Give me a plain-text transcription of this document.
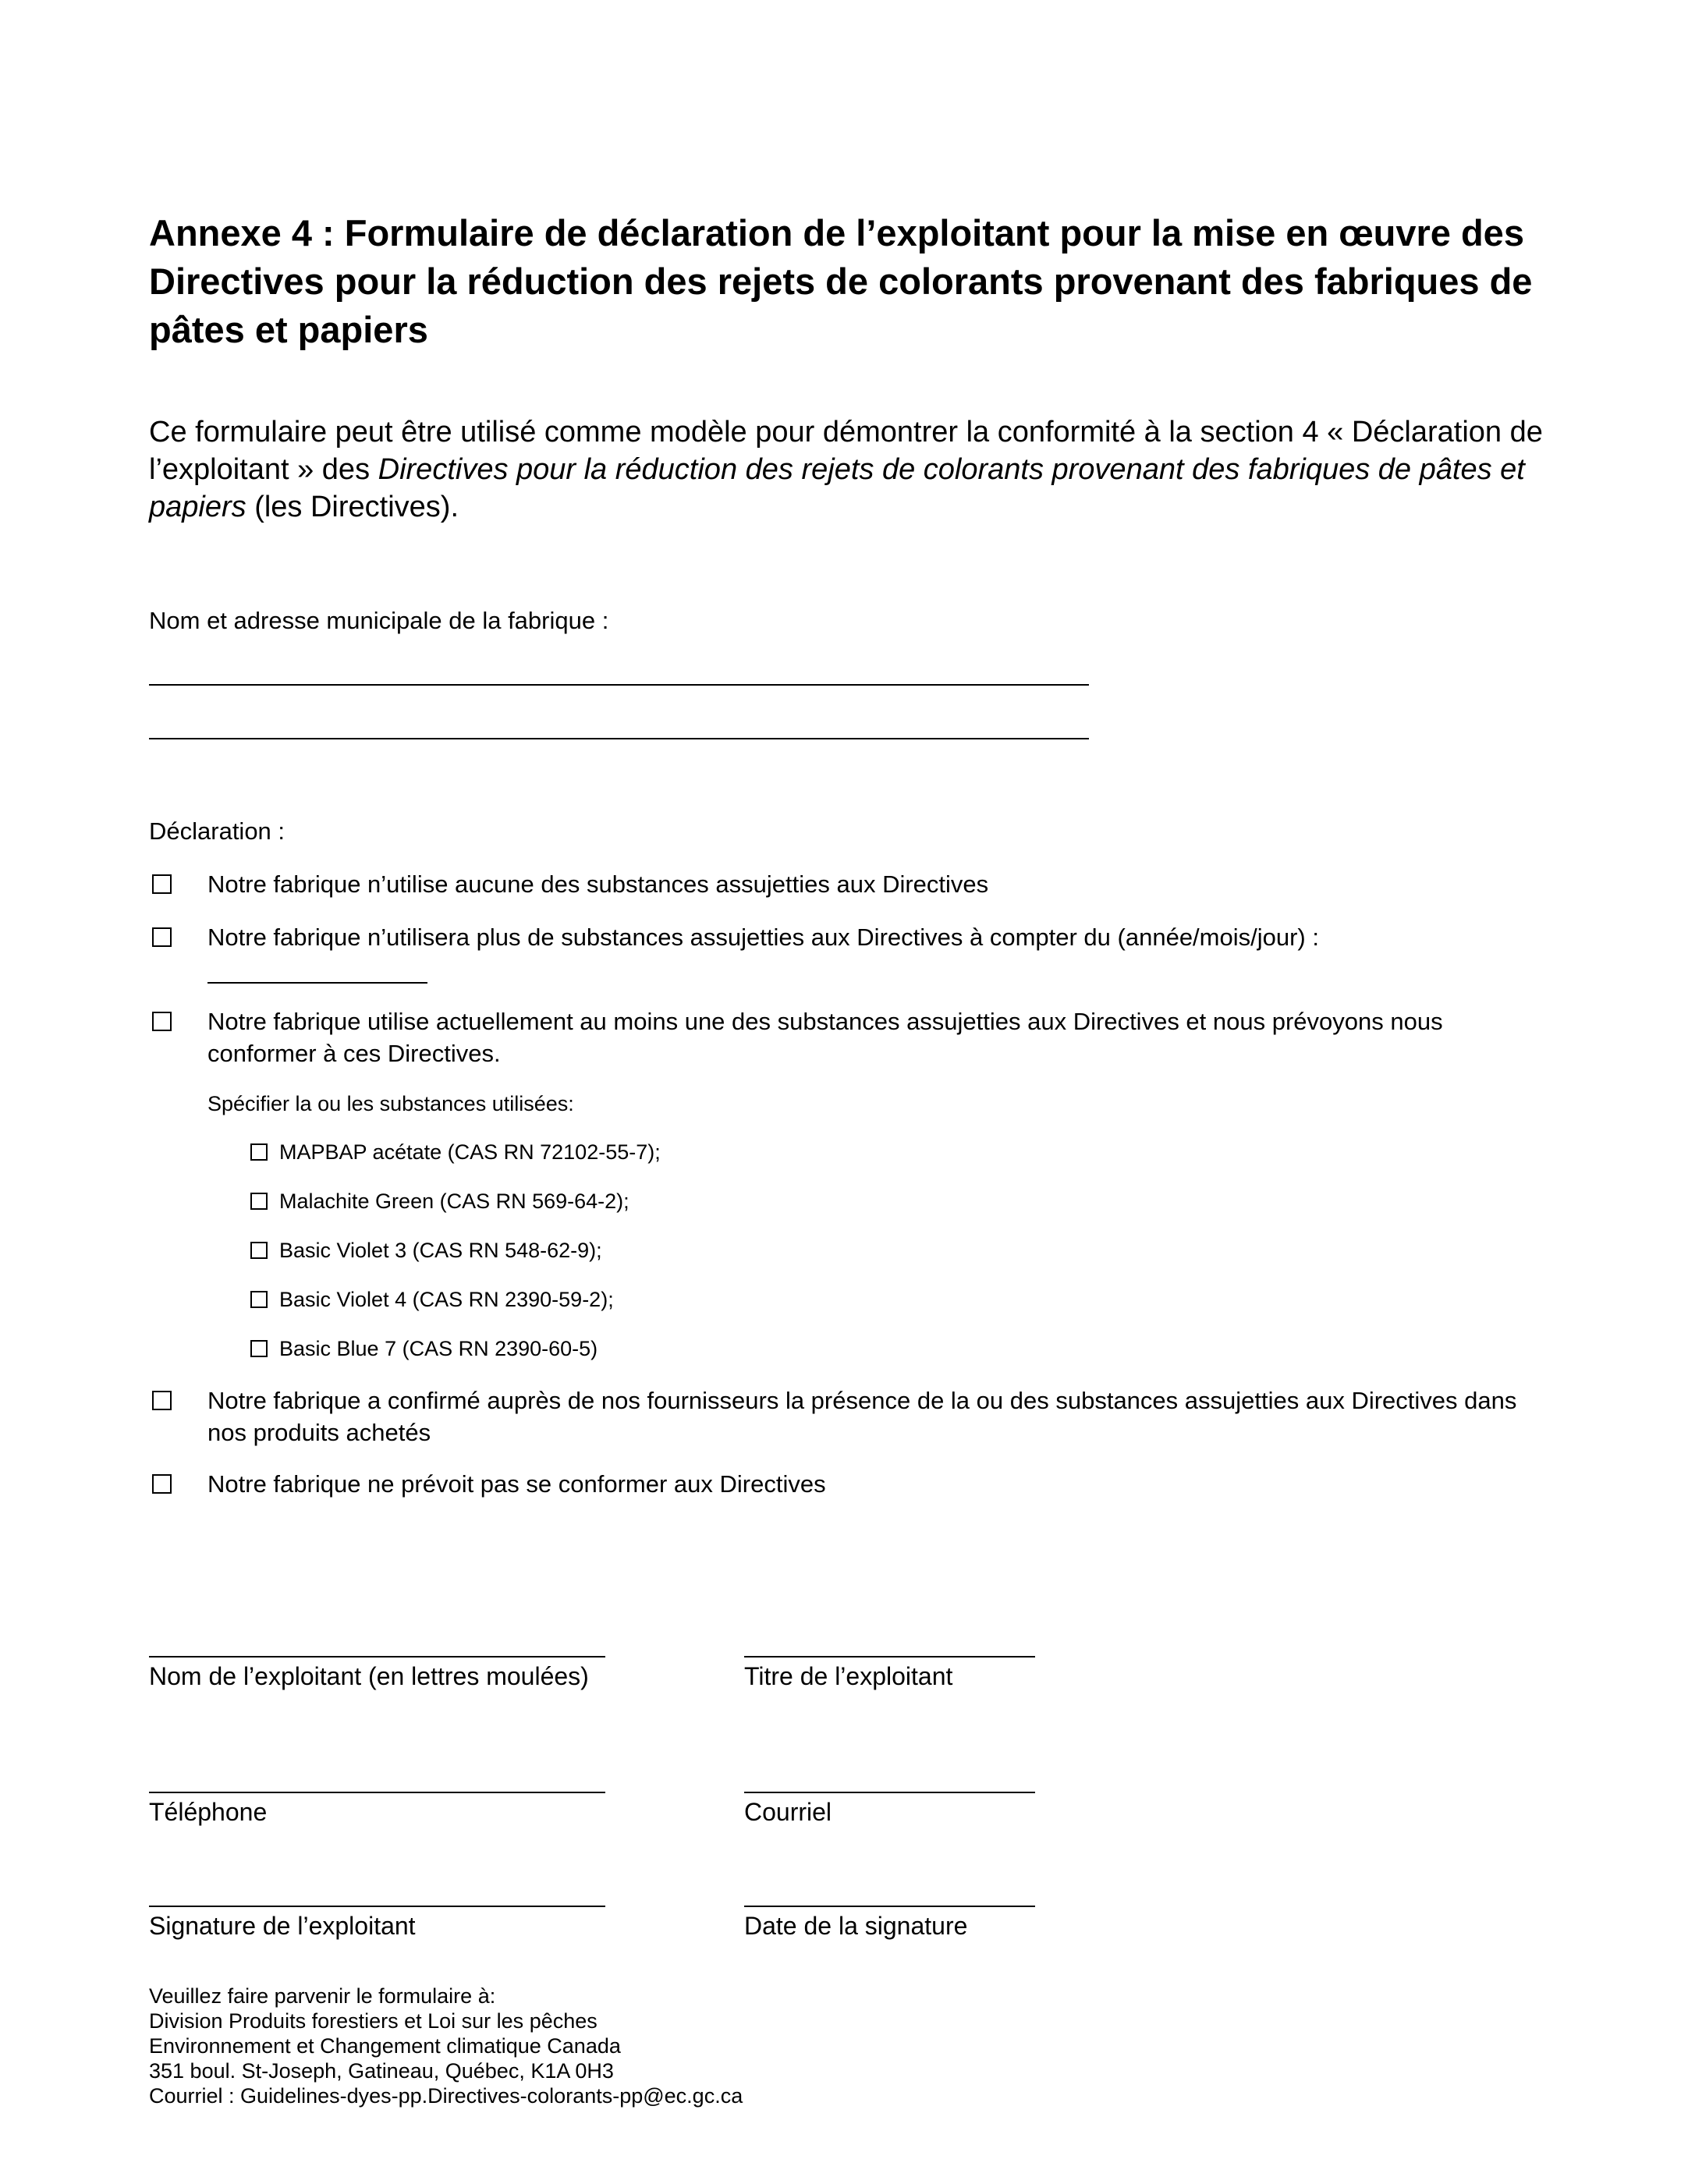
Annexe 4 : Formulaire de déclaration de l’exploitant pour la mise en œuvre des Directives pour la réduction des rejets de colorants provenant des fabriques de pâtes et papiers

Ce formulaire peut être utilisé comme modèle pour démontrer la conformité à la section 4 « Déclaration de l’exploitant » des Directives pour la réduction des rejets de colorants provenant des fabriques de pâtes et papiers (les Directives).

Nom et adresse municipale de la fabrique :
Déclaration :
Notre fabrique n’utilise aucune des substances assujetties aux Directives
Notre fabrique n’utilisera plus de substances assujetties aux Directives à compter du (année/mois/jour) :
Notre fabrique utilise actuellement au moins une des substances assujetties aux Directives et nous prévoyons nous conformer à ces Directives.
Spécifier la ou les substances utilisées:
MAPBAP acétate (CAS RN 72102-55-7);
Malachite Green (CAS RN 569-64-2);
Basic Violet 3 (CAS RN 548-62-9);
Basic Violet 4 (CAS RN 2390-59-2);
Basic Blue 7 (CAS RN 2390-60-5)
Notre fabrique a confirmé auprès de nos fournisseurs la présence de la ou des substances assujetties aux Directives dans nos produits achetés
Notre fabrique ne prévoit pas se conformer aux Directives
Nom de l’exploitant (en lettres moulées)	Titre de l’exploitant
Téléphone	Courriel
Signature de l’exploitant	Date de la signature
Veuillez faire parvenir le formulaire à:
Division Produits forestiers et Loi sur les pêches
Environnement et Changement climatique Canada
351 boul. St-Joseph, Gatineau, Québec, K1A 0H3
Courriel : Guidelines-dyes-pp.Directives-colorants-pp@ec.gc.ca
